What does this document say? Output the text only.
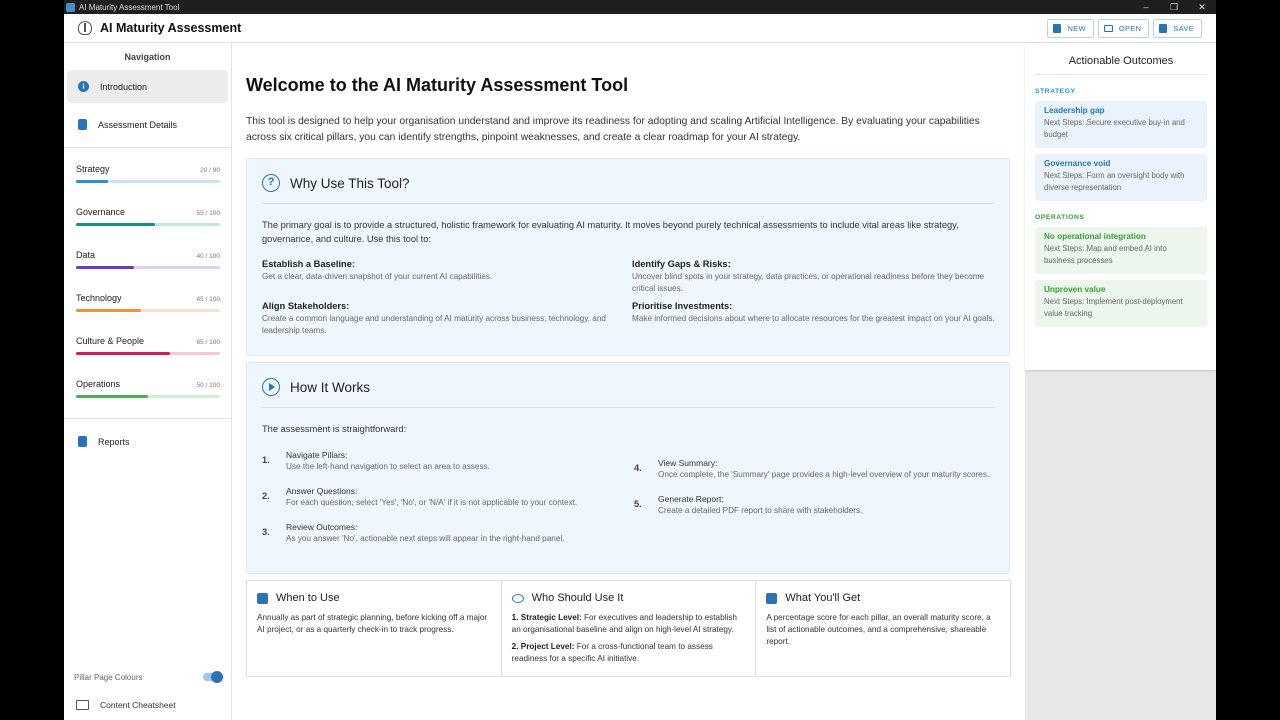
AI Maturity Assessment Tool	–	❐	✕
AI Maturity Assessment	NEW	OPEN	SAVE
Navigation
i	Introduction
Assessment Details
Strategy	20 / 90
Governance	55 / 100
Data	40 / 100
Technology	45 / 100
Culture & People	65 / 100
Operations	50 / 100
Reports
Pillar Page Colours
Content Cheatsheet
Welcome to the AI Maturity Assessment Tool
This tool is designed to help your organisation understand and improve its readiness for adopting and scaling Artificial Intelligence. By evaluating your capabilities across six critical pillars, you can identify strengths, pinpoint weaknesses, and create a clear roadmap for your AI strategy.
?	Why Use This Tool?
The primary goal is to provide a structured, holistic framework for evaluating AI maturity. It moves beyond purely technical assessments to include vital areas like strategy, governance, and culture. Use this tool to:
Establish a Baseline:
Get a clear, data-driven snapshot of your current AI capabilities.
Identify Gaps & Risks:
Uncover blind spots in your strategy, data practices, or operational readiness before they become critical issues.
Align Stakeholders:
Create a common language and understanding of AI maturity across business, technology, and leadership teams.
Prioritise Investments:
Make informed decisions about where to allocate resources for the greatest impact on your AI goals.
How It Works
The assessment is straightforward:
1.	Navigate Pillars:
Use the left-hand navigation to select an area to assess.
2.	Answer Questions:
For each question, select 'Yes', 'No', or 'N/A' if it is not applicable to your context.
3.	Review Outcomes:
As you answer 'No', actionable next steps will appear in the right-hand panel.
4.	View Summary:
Once complete, the 'Summary' page provides a high-level overview of your maturity scores.
5.	Generate Report:
Create a detailed PDF report to share with stakeholders.
When to Use
Annually as part of strategic planning, before kicking off a major AI project, or as a quarterly check-in to track progress.
Who Should Use It

1. Strategic Level: For executives and leadership to establish an organisational baseline and align on high-level AI strategy.

2. Project Level: For a cross-functional team to assess readiness for a specific AI initiative.

What You'll Get
A percentage score for each pillar, an overall maturity score, a list of actionable outcomes, and a comprehensive, shareable report.
Actionable Outcomes
STRATEGY
Leadership gap
Next Steps: Secure executive buy-in and budget
Governance void
Next Steps: Form an oversight body with diverse representation
OPERATIONS
No operational integration
Next Steps: Map and embed AI into business processes
Unproven value
Next Steps: Implement post-deployment value tracking
